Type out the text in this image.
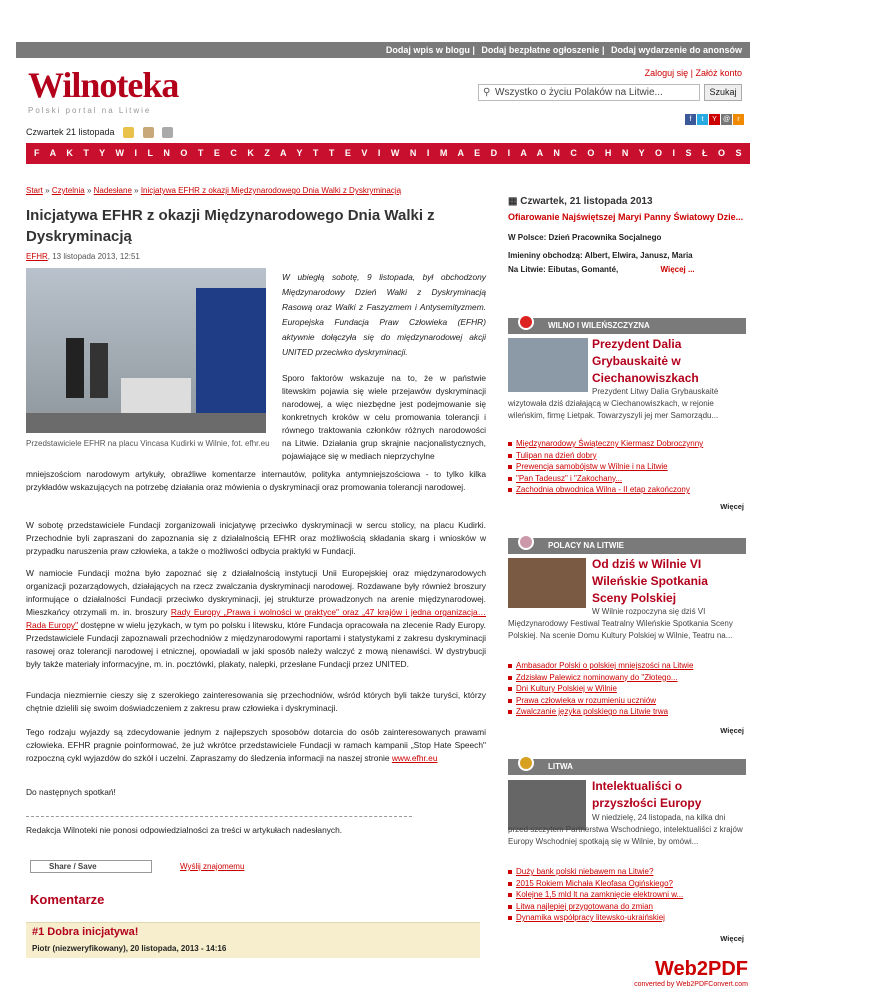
Dodaj wpis w blogu | Dodaj bezpłatne ogłoszenie | Dodaj wydarzenie do anonsów
Wilnoteka
Polski portal na Litwie
Zaloguj się | Załóż konto
⚲ Wszystko o życiu Polaków na Litwie...	Szukaj
f t Y @ r
Czwartek 21 listopada
F A K T Y W I L N O T E C K Z A Y T T E V I W N I M A E D I A A N C O H N Y O I S Ł O S Z C E N N I A A S
Start » Czytelnia » Nadesłane » Inicjatywa EFHR z okazji Międzynarodowego Dnia Walki z Dyskryminacją
Inicjatywa EFHR z okazji Międzynarodowego Dnia Walki z Dyskryminacją
EFHR, 13 listopada 2013, 12:51
Przedstawiciele EFHR na placu Vincasa Kudirki w Wilnie, fot. efhr.eu
W ubiegłą sobotę, 9 listopada, był obchodzony Międzynarodowy Dzień Walki z Dyskryminacją Rasową oraz Walki z Faszyzmem i Antysemityzmem. Europejska Fundacja Praw Człowieka (EFHR) aktywnie dołączyła się do międzynarodowej akcji UNITED przeciwko dyskryminacji.
Sporo faktorów wskazuje na to, że w państwie litewskim pojawia się wiele przejawów dyskryminacji narodowej, a więc niezbędne jest podejmowanie się konkretnych kroków w celu promowania tolerancji i równego traktowania członków różnych narodowości na Litwie. Działania grup skrajnie nacjonalistycznych, pojawiające się w mediach nieprzychylne
mniejszościom narodowym artykuły, obraźliwe komentarze internautów, polityka antymniejszościowa - to tylko kilka przykładów wskazujących na potrzebę działania oraz mówienia o dyskryminacji oraz promowania tolerancji narodowej.
W sobotę przedstawiciele Fundacji zorganizowali inicjatywę przeciwko dyskryminacji w sercu stolicy, na placu Kudirki. Przechodnie byli zapraszani do zapoznania się z działalnością EFHR oraz możliwością składania skarg i wniosków w przypadku naruszenia praw człowieka, a także o możliwości odbycia praktyki w Fundacji.
W namiocie Fundacji można było zapoznać się z działalnością instytucji Unii Europejskiej oraz międzynarodowych organizacji pozarządowych, działających na rzecz zwalczania dyskryminacji narodowej. Rozdawane były również broszury informujące o działalności Fundacji przeciwko dyskryminacji, jej strukturze prowadzonych na arenie międzynarodowej. Mieszkańcy otrzymali m. in. broszury Rady Europy „Prawa i wolności w praktyce" oraz „47 krajów i jedna organizacja… Rada Europy" dostępne w wielu językach, w tym po polsku i litewsku, które Fundacja opracowała na zlecenie Rady Europy. Przedstawiciele Fundacji zapoznawali przechodniów z międzynarodowymi raportami i statystykami z zakresu dyskryminacji rasowej oraz tolerancji narodowej i etnicznej, opowiadali w jaki sposób należy walczyć z mową nienawiści. W dystrybucji były także materiały informacyjne, m. in. pocztówki, plakaty, nalepki, przesłane Fundacji przez UNITED.
Fundacja niezmiernie cieszy się z szerokiego zainteresowania się przechodniów, wśród których byli także turyści, którzy chętnie dzielili się swoim doświadczeniem z zakresu praw człowieka i dyskryminacji.
Tego rodzaju wyjazdy są zdecydowanie jednym z najlepszych sposobów dotarcia do osób zainteresowanych prawami człowieka. EFHR pragnie poinformować, że już wkrótce przedstawiciele Fundacji w ramach kampanii „Stop Hate Speech" rozpoczną cykl wyjazdów do szkół i uczelni. Zapraszamy do śledzenia informacji na naszej stronie www.efhr.eu
Do następnych spotkań!
Redakcja Wilnoteki nie ponosi odpowiedzialności za treści w artykułach nadesłanych.
Share / Save	Wyślij znajomemu
Komentarze
#1 Dobra inicjatywa!
Piotr (niezweryfikowany), 20 listopada, 2013 - 14:16
▦ Czwartek, 21 listopada 2013
Ofiarowanie Najświętszej Maryi Panny Światowy Dzie...
W Polsce: Dzień Pracownika Socjalnego
Imieniny obchodzą: Albert, Elwira, Janusz, Maria
Na Litwie: Eibutas, Gomanté,	Więcej ...
WILNO I WILEŃSZCZYZNA
Prezydent Dalia Grybauskaitė w Ciechanowiszkach
Prezydent Litwy Dalia Grybauskaitė wizytowała dziś działającą w Ciechanowiszkach, w rejonie wileńskim, firmę Lietpak. Towarzyszyli jej mer Samorządu...
Międzynarodowy Świąteczny Kiermasz Dobroczynny
Tulipan na dzień dobry
Prewencja samobójstw w Wilnie i na Litwie
"Pan Tadeusz" i "Zakochany...
Zachodnia obwodnica Wilna - II etap zakończony
Więcej
POLACY NA LITWIE
Od dziś w Wilnie VI Wileńskie Spotkania Sceny Polskiej
W Wilnie rozpoczyna się dziś VI Międzynarodowy Festiwal Teatralny Wileńskie Spotkania Sceny Polskiej. Na scenie Domu Kultury Polskiej w Wilnie, Teatru na...
Ambasador Polski o polskiej mniejszości na Litwie
Zdzisław Palewicz nominowany do "Złotego...
Dni Kultury Polskiej w Wilnie
Prawa człowieka w rozumieniu uczniów
Zwalczanie języka polskiego na Litwie trwa
Więcej
LITWA
Intelektualiści o przyszłości Europy
W niedzielę, 24 listopada, na kilka dni przed szczytem Partnerstwa Wschodniego, intelektualiści z krajów Europy Wschodniej spotkają się w Wilnie, by omówi...
Duży bank polski niebawem na Litwie?
2015 Rokiem Michała Kleofasa Ogińskiego?
Kolejne 1,5 mld lt na zamknięcie elektrowni w...
Litwa najlepiej przygotowana do zmian
Dynamika współpracy litewsko-ukraińskiej
Więcej
Web2PDF
converted by Web2PDFConvert.com
